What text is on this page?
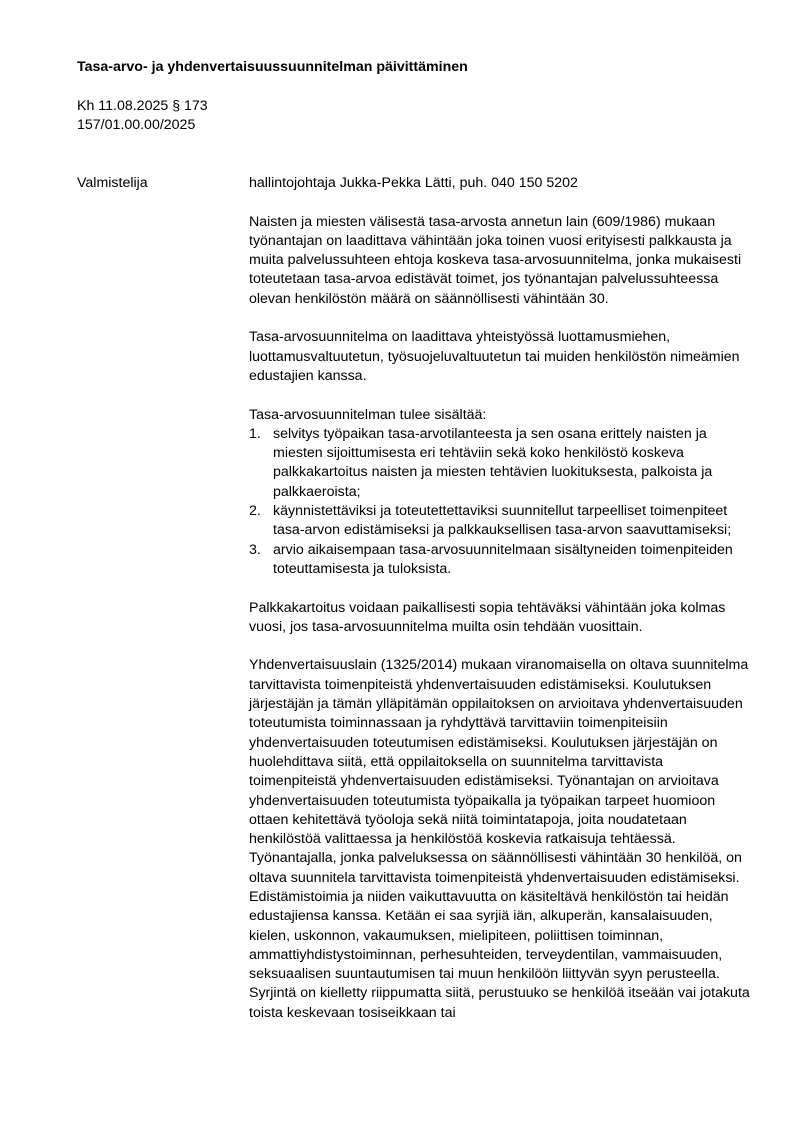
Tasa-arvo- ja yhdenvertaisuussuunnitelman päivittäminen
Kh 11.08.2025 § 173
157/01.00.00/2025
Valmistelija	hallintojohtaja Jukka-Pekka Lätti, puh. 040 150 5202

Naisten ja miesten välisestä tasa-arvosta annetun lain (609/1986) mukaan työnantajan on laadittava vähintään joka toinen vuosi erityisesti palkkausta ja muita palvelussuhteen ehtoja koskeva tasa-arvosuunnitelma, jonka mukaisesti toteutetaan tasa-arvoa edistävät toimet, jos työnantajan palvelussuhteessa olevan henkilöstön määrä on säännöllisesti vähintään 30.

Tasa-arvosuunnitelma on laadittava yhteistyössä luottamusmiehen, luottamusvaltuutetun, työsuojeluvaltuutetun tai muiden henkilöstön nimeämien edustajien kanssa.

Tasa-arvosuunnitelman tulee sisältää:

1. selvitys työpaikan tasa-arvotilanteesta ja sen osana erittely naisten ja miesten sijoittumisesta eri tehtäviin sekä koko henkilöstö koskeva palkkakartoitus naisten ja miesten tehtävien luokituksesta, palkoista ja palkkaeroista;
2. käynnistettäviksi ja toteutettettaviksi suunnitellut tarpeelliset toimenpiteet tasa-arvon edistämiseksi ja palkkauksellisen tasa-arvon saavuttamiseksi;
3. arvio aikaisempaan tasa-arvosuunnitelmaan sisältyneiden toimenpiteiden toteuttamisesta ja tuloksista.

Palkkakartoitus voidaan paikallisesti sopia tehtäväksi vähintään joka kolmas vuosi, jos tasa-arvosuunnitelma muilta osin tehdään vuosittain.

Yhdenvertaisuuslain (1325/2014) mukaan viranomaisella on oltava suunnitelma tarvittavista toimenpiteistä yhdenvertaisuuden edistämiseksi. Koulutuksen järjestäjän ja tämän ylläpitämän oppilaitoksen on arvioitava yhdenvertaisuuden toteutumista toiminnassaan ja ryhdyttävä tarvittaviin toimenpiteisiin yhdenvertaisuuden toteutumisen edistämiseksi. Koulutuksen järjestäjän on huolehdittava siitä, että oppilaitoksella on suunnitelma tarvittavista toimenpiteistä yhdenvertaisuuden edistämiseksi. Työnantajan on arvioitava yhdenvertaisuuden toteutumista työpaikalla ja työpaikan tarpeet huomioon ottaen kehitettävä työoloja sekä niitä toimintatapoja, joita noudatetaan henkilöstöä valittaessa ja henkilöstöä koskevia ratkaisuja tehtäessä. Työnantajalla, jonka palveluksessa on säännöllisesti vähintään 30 henkilöä, on oltava suunnitela tarvittavista toimenpiteistä yhdenvertaisuuden edistämiseksi. Edistämistoimia ja niiden vaikuttavuutta on käsiteltävä henkilöstön tai heidän edustajiensa kanssa. Ketään ei saa syrjiä iän, alkuperän, kansalaisuuden, kielen, uskonnon, vakaumuksen, mielipiteen, poliittisen toiminnan, ammattiyhdistystoiminnan, perhesuhteiden, terveydentilan, vammaisuuden, seksuaalisen suuntautumisen tai muun henkilöön liittyvän syyn perusteella. Syrjintä on kielletty riippumatta siitä, perustuuko se henkilöä itseään vai jotakuta toista keskevaan tosiseikkaan tai
